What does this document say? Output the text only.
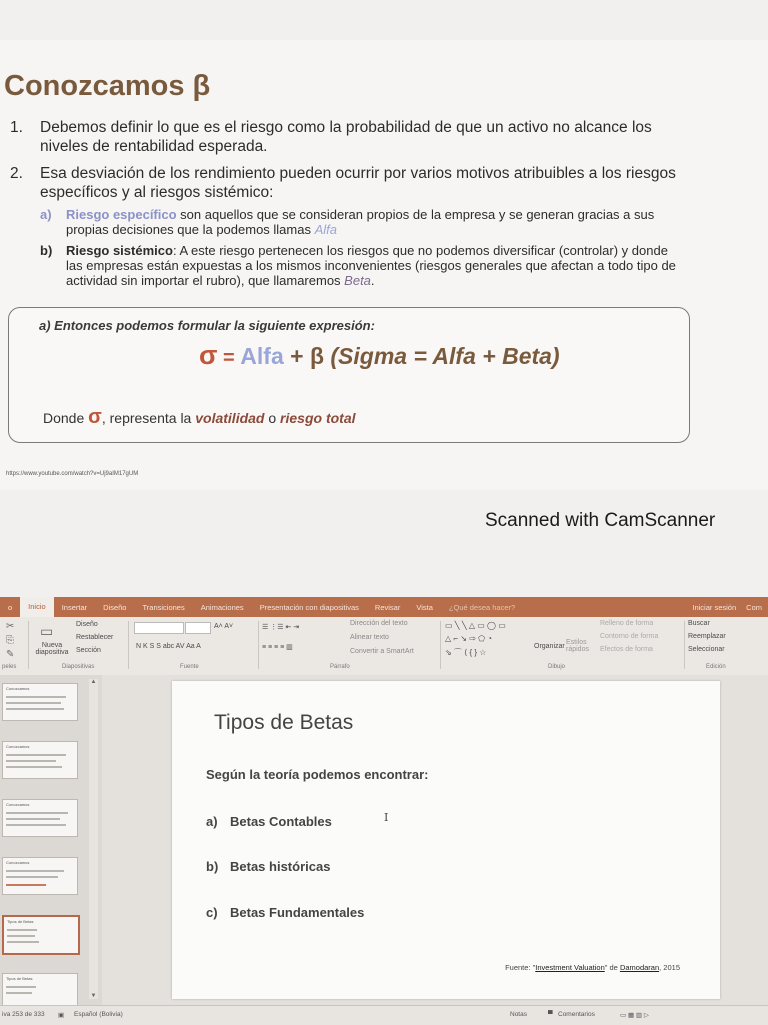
Conozcamos β
1. Debemos definir lo que es el riesgo como la probabilidad de que un activo no alcance los niveles de rentabilidad esperada.
2. Esa desviación de los rendimiento pueden ocurrir por varios motivos atribuibles a los riesgos específicos y al riesgos sistémico:
a) Riesgo específico son aquellos que se consideran propios de la empresa y se generan gracias a sus propias decisiones que la podemos llamas Alfa
b) Riesgo sistémico: A este riesgo pertenecen los riesgos que no podemos diversificar (controlar) y donde las empresas están expuestas a los mismos inconvenientes (riesgos generales que afectan a todo tipo de actividad sin importar el rubro), que llamaremos Beta.
a) Entonces podemos formular la siguiente expresión:
σ = Alfa + β (Sigma = Alfa + Beta)
Donde σ, representa la volatilidad o riesgo total
https://www.youtube.com/watch?v=Uj9aIM17gUM
Scanned with CamScanner
o	Inicio	Insertar	Diseño	Transiciones	Animaciones	Presentación con diapositivas	Revisar	Vista	¿Qué desea hacer?	Iniciar sesión Com
✂
⎘
✎
peles
▭
Nueva diapositiva
Diseño
Restablecer
Sección
Diapositivas
A˄ A˅
N K S S abc AV Aa A
Fuente
☰ ⋮☰ ⇤ ⇥
≡ ≡ ≡ ≡ ▥
Dirección del texto
Alinear texto
Convertir a SmartArt
Párrafo
▭ ╲ ╲ △ ▭ ◯ ▭
△ ⌐ ↘ ⇨ ⬠ ◔
⇘ ⌒ ⟨ { } ☆
Organizar
Estilos rápidos
Relleno de forma
Contorno de forma
Efectos de forma
Dibujo
Buscar
Reemplazar
Seleccionar
Edición
Conozcamos
Conozcamos
Conozcamos
Conozcamos
Tipos de Betas
Tipos de Betas
▲
▼
Tipos de Betas
Según la teoría podemos encontrar:
a) Betas Contables
b) Betas históricas
c) Betas Fundamentales
I
Fuente: "Investment Valuation" de Damodaran, 2015
iva 253 de 333 ▣ Español (Bolivia)	Notas	▀ Comentarios	▭ ▦ ▥ ▷
